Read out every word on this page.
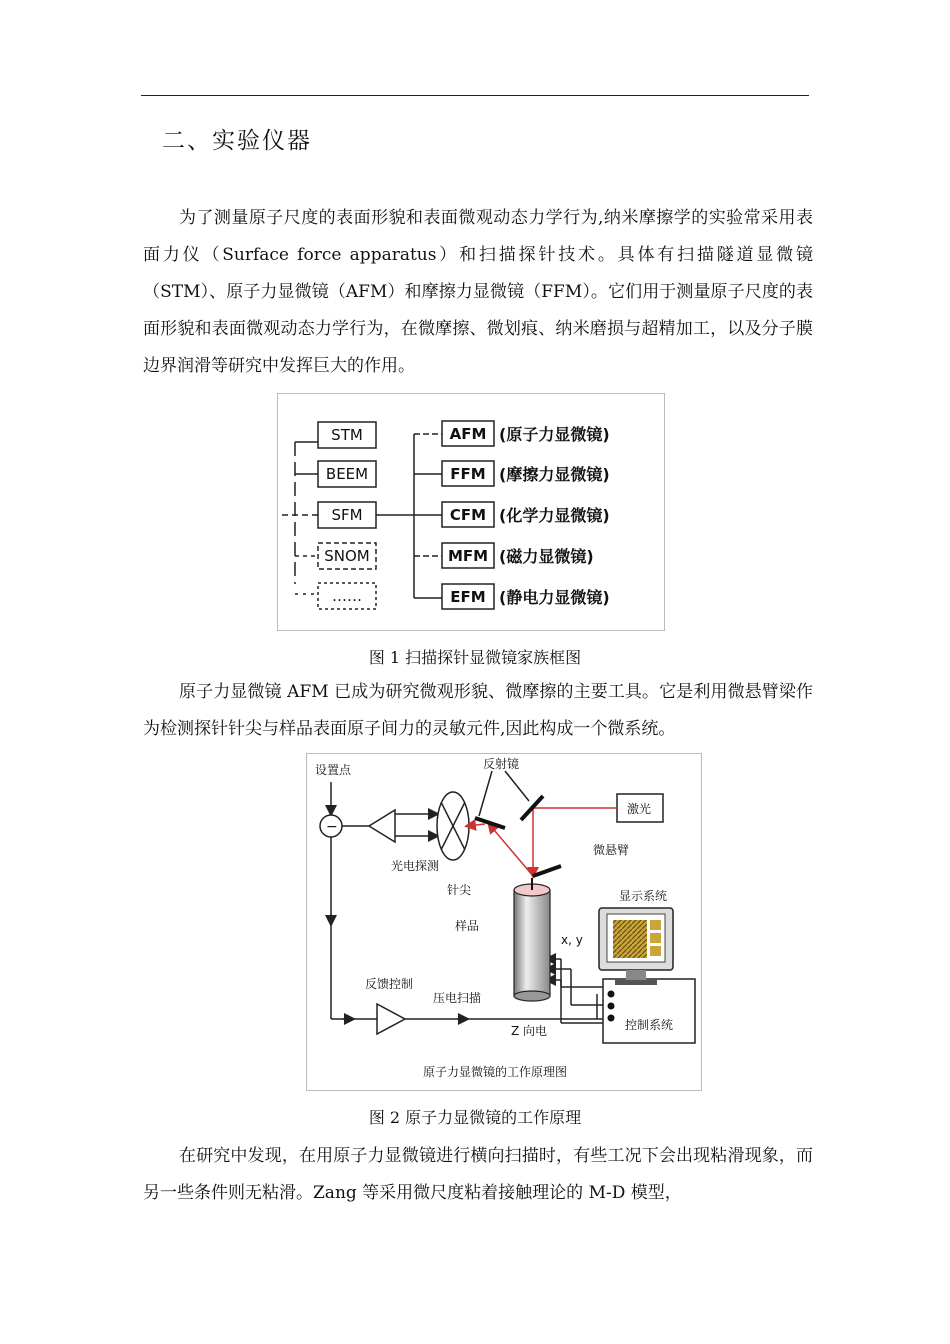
二、实验仪器

为了测量原子尺度的表面形貌和表面微观动态力学行为,纳米摩擦学的实验常采用表面力仪（Surface force apparatus）和扫描探针技术。具体有扫描隧道显微镜（STM）、原子力显微镜（AFM）和摩擦力显微镜（FFM）。它们用于测量原子尺度的表面形貌和表面微观动态力学行为，在微摩擦、微划痕、纳米磨损与超精加工，以及分子膜边界润滑等研究中发挥巨大的作用。

STM
BEEM
SFM
SNOM
……
AFM
FFM
CFM
MFM
EFM
(原子力显微镜)
(摩擦力显微镜)
(化学力显微镜)
(磁力显微镜)
(静电力显微镜)
图 1 扫描探针显微镜家族框图

原子力显微镜 AFM 已成为研究微观形貌、微摩擦的主要工具。它是利用微悬臂梁作为检测探针针尖与样品表面原子间力的灵敏元件,因此构成一个微系统。

设置点
−
反射镜
激光
光电探测
微悬臂
显示系统
针尖
样品
x, y
反馈控制
压电扫描
Z 向电	控制系统
原子力显微镜的工作原理图
图 2 原子力显微镜的工作原理

在研究中发现，在用原子力显微镜进行横向扫描时，有些工况下会出现粘滑现象，而另一些条件则无粘滑。Zang 等采用微尺度粘着接触理论的 M-D 模型，
